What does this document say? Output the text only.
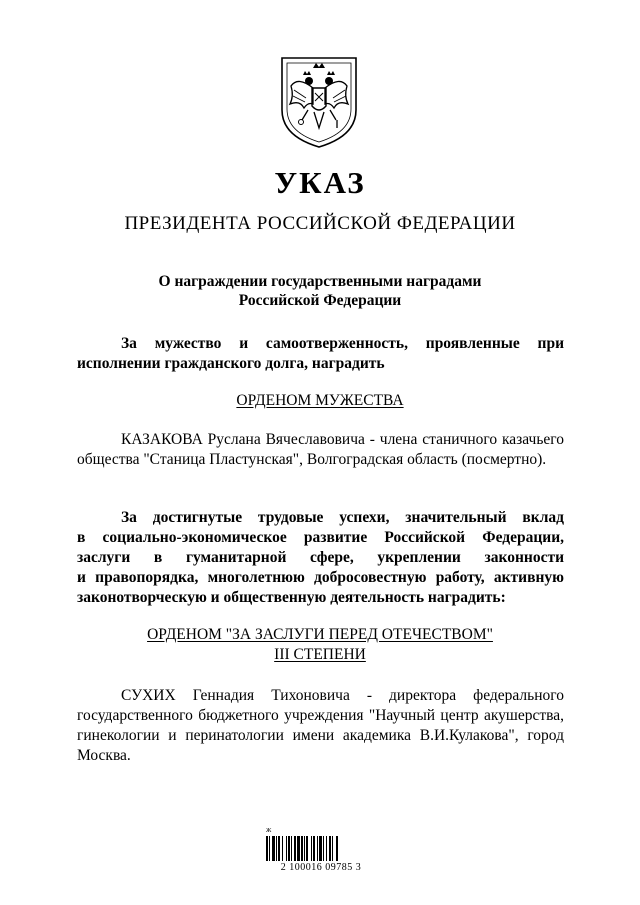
УКАЗ
ПРЕЗИДЕНТА РОССИЙСКОЙ ФЕДЕРАЦИИ
О награждении государственными наградами
Российской Федерации
За мужество и самоотверженность, проявленные при
исполнении гражданского долга, наградить
ОРДЕНОМ МУЖЕСТВА
КАЗАКОВА Руслана Вячеславовича - члена станичного казачьего общества "Станица Пластунская", Волгоградская область (посмертно).
За достигнутые трудовые успехи, значительный вклад
в социально-экономическое развитие Российской Федерации,
заслуги в гуманитарной сфере, укреплении законности
и правопорядка, многолетнюю добросовестную работу, активную
законотворческую и общественную деятельность наградить:
ОРДЕНОМ "ЗА ЗАСЛУГИ ПЕРЕД ОТЕЧЕСТВОМ"
III СТЕПЕНИ
СУХИХ Геннадия Тихоновича - директора федерального государственного бюджетного учреждения "Научный центр акушерства, гинекологии и перинатологии имени академика В.И.Кулакова", город Москва.
Ж
2 100016 09785 3
